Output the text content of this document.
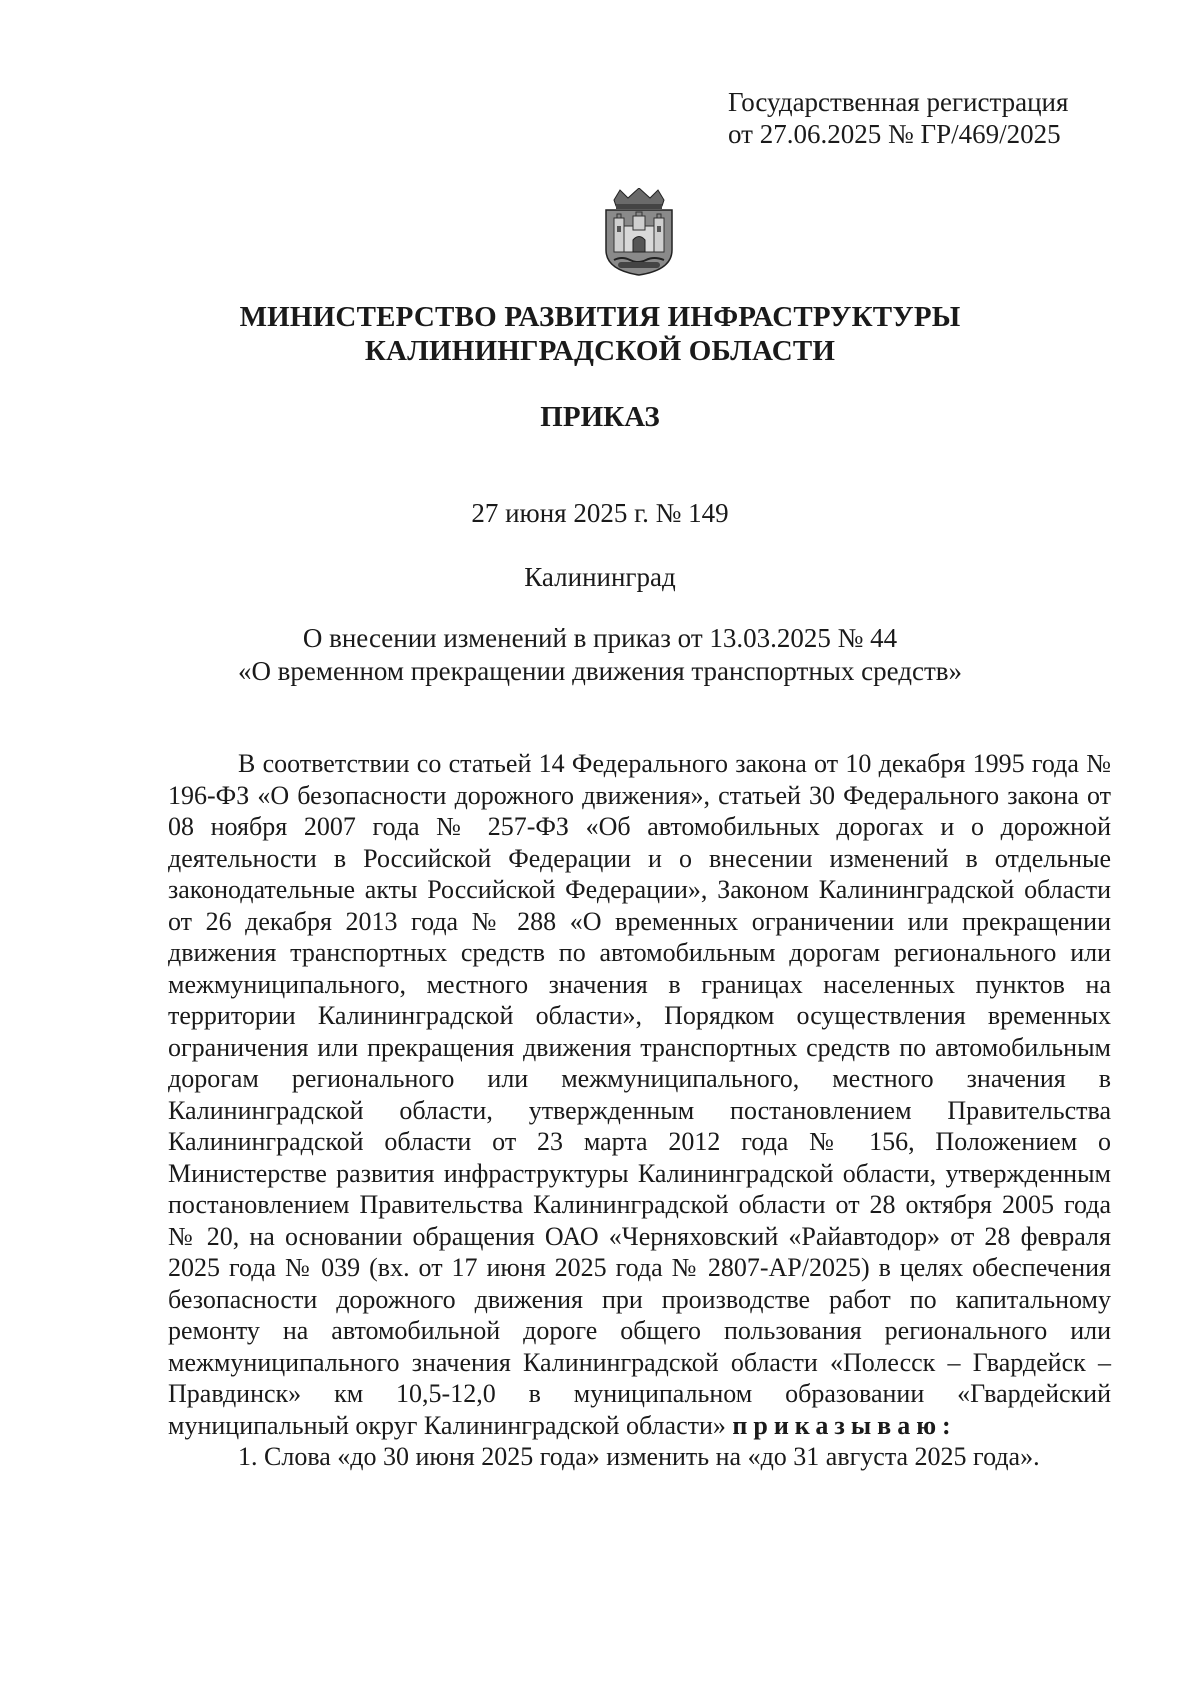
Государственная регистрация
от 27.06.2025 № ГР/469/2025
МИНИСТЕРСТВО РАЗВИТИЯ ИНФРАСТРУКТУРЫ
КАЛИНИНГРАДСКОЙ ОБЛАСТИ
ПРИКАЗ
27 июня 2025 г. № 149
Калининград
О внесении изменений в приказ от 13.03.2025 № 44
«О временном прекращении движения транспортных средств»

В соответствии со статьей 14 Федерального закона от 10 декабря 1995 года № 196-ФЗ «О безопасности дорожного движения», статьей 30 Федерального закона от 08 ноября 2007 года № 257-ФЗ «Об автомобильных дорогах и о дорожной деятельности в Российской Федерации и о внесении изменений в отдельные законодательные акты Российской Федерации», Законом Калининградской области от 26 декабря 2013 года № 288 «О временных ограничении или прекращении движения транспортных средств по автомобильным дорогам регионального или межмуниципального, местного значения в границах населенных пунктов на территории Калининградской области», Порядком осуществления временных ограничения или прекращения движения транспортных средств по автомобильным дорогам регионального или межмуниципального, местного значения в Калининградской области, утвержденным постановлением Правительства Калининградской области от 23 марта 2012 года № 156, Положением о Министерстве развития инфраструктуры Калининградской области, утвержденным постановлением Правительства Калининградской области от 28 октября 2005 года № 20, на основании обращения ОАО «Черняховский «Райавтодор» от 28 февраля 2025 года № 039 (вх. от 17 июня 2025 года № 2807-АР/2025) в целях обеспечения безопасности дорожного движения при производстве работ по капитальному ремонту на автомобильной дороге общего пользования регионального или межмуниципального значения Калининградской области «Полесск – Гвардейск – Правдинск» км 10,5-12,0 в муниципальном образовании «Гвардейский муниципальный округ Калининградской области» приказываю:

1. Слова «до 30 июня 2025 года» изменить на «до 31 августа 2025 года».
